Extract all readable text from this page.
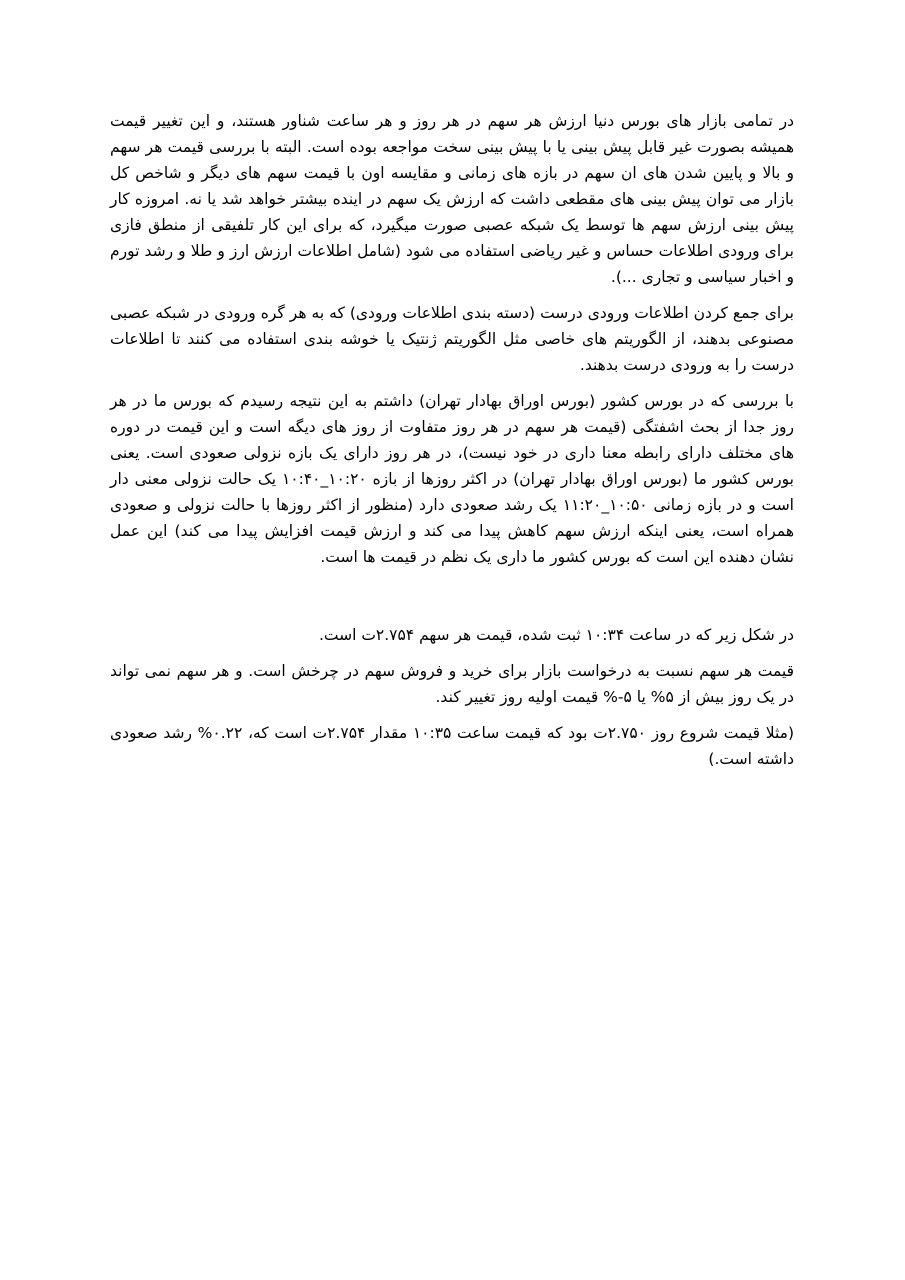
در تمامی بازار های بورس دنیا ارزش هر سهم در هر روز و هر ساعت شناور هستند، و این تغییر قیمت همیشه بصورت غیر قابل پیش بینی یا با پیش بینی سخت مواجعه بوده است. البته با بررسی قیمت هر سهم و بالا و پایین شدن های ان سهم در بازه های زمانی و مقایسه اون با قیمت سهم های دیگر و شاخص کل بازار می توان پیش بینی های مقطعی داشت که ارزش یک سهم در اینده بیشتر خواهد شد یا نه. امروزه کار پیش بینی ارزش سهم ها توسط یک شبکه عصبی صورت میگیرد، که برای این کار تلفیقی از منطق فازی برای ورودی اطلاعات حساس و غیر ریاضی استفاده می شود (شامل اطلاعات ارزش ارز و طلا و رشد تورم و اخبار سیاسی و تجاری ...).

برای جمع کردن اطلاعات ورودی درست (دسته بندی اطلاعات ورودی) که به هر گره ورودی در شبکه عصبی مصنوعی بدهند، از الگوریتم های خاصی مثل الگوریتم ژنتیک یا خوشه بندی استفاده می کنند تا اطلاعات درست را به ورودی درست بدهند.

با بررسی که در بورس کشور (بورس اوراق بهادار تهران) داشتم به این نتیجه رسیدم که بورس ما در هر روز جدا از بحث اشفتگی (قیمت هر سهم در هر روز متفاوت از روز های دیگه است و این قیمت در دوره های مختلف دارای رابطه معنا داری در خود نیست)، در هر روز دارای یک بازه نزولی صعودی است. یعنی بورس کشور ما (بورس اوراق بهادار تهران) در اکثر روزها از بازه ۱۰:۲۰_۱۰:۴۰ یک حالت نزولی معنی دار است و در بازه زمانی ۱۰:۵۰_۱۱:۲۰ یک رشد صعودی دارد (منظور از اکثر روزها با حالت نزولی و صعودی همراه است، یعنی اینکه ارزش سهم کاهش پیدا می کند و ارزش قیمت افزایش پیدا می کند) این عمل نشان دهنده این است که بورس کشور ما داری یک نظم در قیمت ها است.

در شکل زیر که در ساعت ۱۰:۳۴ ثبت شده، قیمت هر سهم ۲.۷۵۴ت است.

قیمت هر سهم نسبت به درخواست بازار برای خرید و فروش سهم در چرخش است. و هر سهم نمی تواند در یک روز بیش از ۵% یا ۵-% قیمت اولیه روز تغییر کند.

(مثلا قیمت شروع روز ۲.۷۵۰ت بود که قیمت ساعت ۱۰:۳۵ مقدار ۲.۷۵۴ت است که، ۰.۲۲% رشد صعودی داشته است.)
